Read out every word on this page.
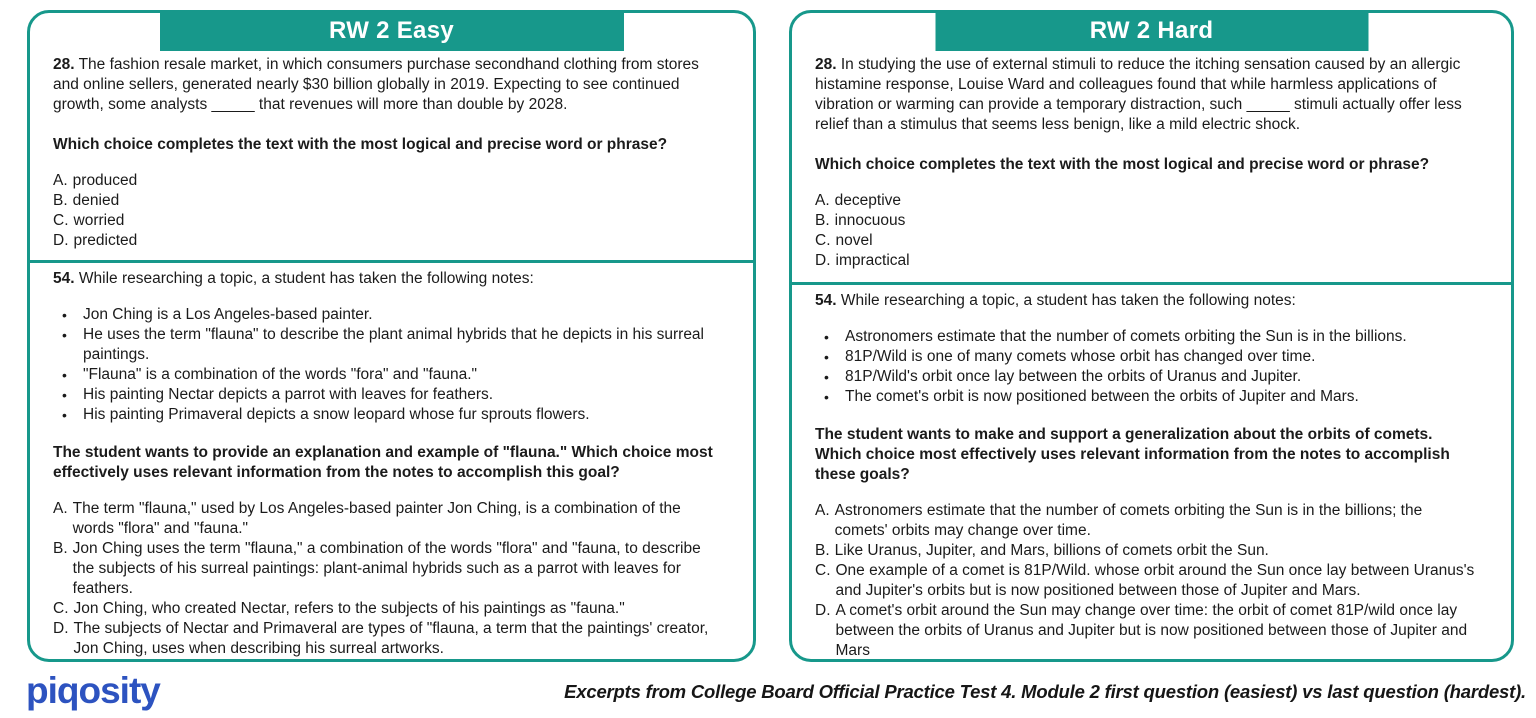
RW 2 Easy

28. The fashion resale market, in which consumers purchase secondhand clothing from stores and online sellers, generated nearly $30 billion globally in 2019. Expecting to see continued growth, some analysts _____ that revenues will more than double by 2028.

Which choice completes the text with the most logical and precise word or phrase?

A. produced
B. denied
C. worried
D. predicted

54. While researching a topic, a student has taken the following notes:

•	Jon Ching is a Los Angeles-based painter.
•	He uses the term "flauna" to describe the plant animal hybrids that he depicts in his surreal paintings.
•	"Flauna" is a combination of the words "fora" and "fauna."
•	His painting Nectar depicts a parrot with leaves for feathers.
•	His painting Primaveral depicts a snow leopard whose fur sprouts flowers.

The student wants to provide an explanation and example of "flauna." Which choice most effectively uses relevant information from the notes to accomplish this goal?

A. The term "flauna," used by Los Angeles-based painter Jon Ching, is a combination of the words "flora" and "fauna."
B. Jon Ching uses the term "flauna," a combination of the words "flora" and "fauna, to describe the subjects of his surreal paintings: plant-animal hybrids such as a parrot with leaves for feathers.
C. Jon Ching, who created Nectar, refers to the subjects of his paintings as "fauna."
D. The subjects of Nectar and Primaveral are types of "flauna, a term that the paintings' creator, Jon Ching, uses when describing his surreal artworks.
RW 2 Hard

28. In studying the use of external stimuli to reduce the itching sensation caused by an allergic histamine response, Louise Ward and colleagues found that while harmless applications of vibration or warming can provide a temporary distraction, such _____ stimuli actually offer less relief than a stimulus that seems less benign, like a mild electric shock.

Which choice completes the text with the most logical and precise word or phrase?

A. deceptive
B. innocuous
C. novel
D. impractical

54. While researching a topic, a student has taken the following notes:

•	Astronomers estimate that the number of comets orbiting the Sun is in the billions.
•	81P/Wild is one of many comets whose orbit has changed over time.
•	81P/Wild's orbit once lay between the orbits of Uranus and Jupiter.
•	The comet's orbit is now positioned between the orbits of Jupiter and Mars.

The student wants to make and support a generalization about the orbits of comets. Which choice most effectively uses relevant information from the notes to accomplish these goals?

A. Astronomers estimate that the number of comets orbiting the Sun is in the billions; the comets' orbits may change over time.
B. Like Uranus, Jupiter, and Mars, billions of comets orbit the Sun.
C. One example of a comet is 81P/Wild. whose orbit around the Sun once lay between Uranus's and Jupiter's orbits but is now positioned between those of Jupiter and Mars.
D. A comet's orbit around the Sun may change over time: the orbit of comet 81P/wild once lay between the orbits of Uranus and Jupiter but is now positioned between those of Jupiter and Mars
piqosity	Excerpts from College Board Official Practice Test 4. Module 2 first question (easiest) vs last question (hardest).
